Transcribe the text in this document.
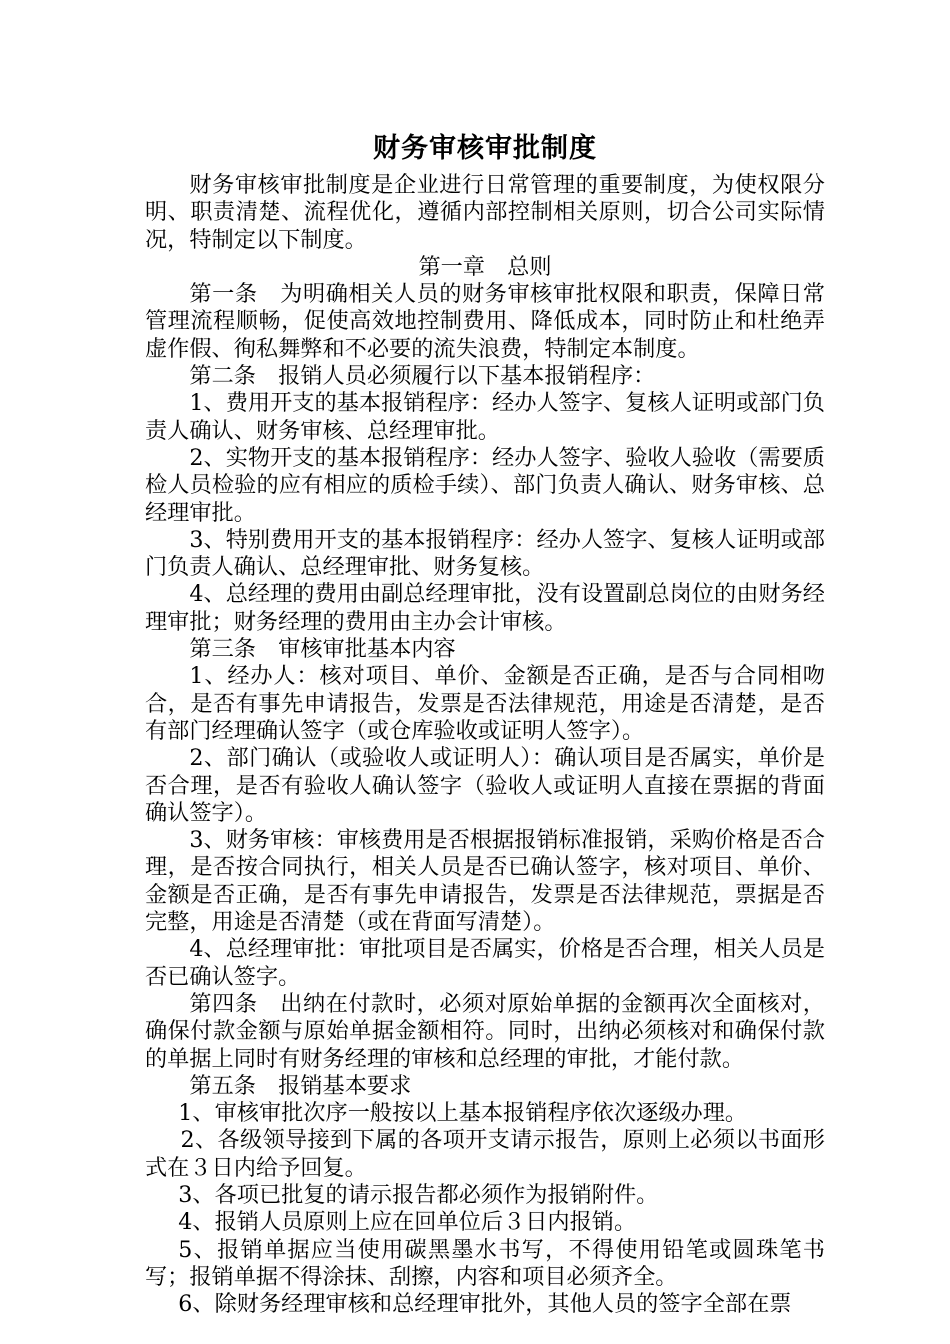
财务审核审批制度

财务审核审批制度是企业进行日常管理的重要制度，为使权限分明、职责清楚、流程优化，遵循内部控制相关原则，切合公司实际情况，特制定以下制度。

第一章　总则

第一条　为明确相关人员的财务审核审批权限和职责，保障日常管理流程顺畅，促使高效地控制费用、降低成本，同时防止和杜绝弄虚作假、徇私舞弊和不必要的流失浪费，特制定本制度。

第二条　报销人员必须履行以下基本报销程序：

1、费用开支的基本报销程序：经办人签字、复核人证明或部门负责人确认、财务审核、总经理审批。

2、实物开支的基本报销程序：经办人签字、验收人验收（需要质检人员检验的应有相应的质检手续）、部门负责人确认、财务审核、总经理审批。

3、特别费用开支的基本报销程序：经办人签字、复核人证明或部门负责人确认、总经理审批、财务复核。

4、总经理的费用由副总经理审批，没有设置副总岗位的由财务经理审批；财务经理的费用由主办会计审核。

第三条　审核审批基本内容

1、经办人：核对项目、单价、金额是否正确，是否与合同相吻合，是否有事先申请报告，发票是否法律规范，用途是否清楚，是否有部门经理确认签字（或仓库验收或证明人签字）。

2、部门确认（或验收人或证明人）：确认项目是否属实，单价是否合理，是否有验收人确认签字（验收人或证明人直接在票据的背面确认签字）。

3、财务审核：审核费用是否根据报销标准报销，采购价格是否合理，是否按合同执行，相关人员是否已确认签字，核对项目、单价、金额是否正确，是否有事先申请报告，发票是否法律规范，票据是否完整，用途是否清楚（或在背面写清楚）。

4、总经理审批：审批项目是否属实，价格是否合理，相关人员是否已确认签字。

第四条　出纳在付款时，必须对原始单据的金额再次全面核对，确保付款金额与原始单据金额相符。同时，出纳必须核对和确保付款的单据上同时有财务经理的审核和总经理的审批，才能付款。

第五条　报销基本要求

1、审核审批次序一般按以上基本报销程序依次逐级办理。

2、各级领导接到下属的各项开支请示报告，原则上必须以书面形式在３日内给予回复。

3、各项已批复的请示报告都必须作为报销附件。

4、报销人员原则上应在回单位后３日内报销。

5、报销单据应当使用碳黑墨水书写，不得使用铅笔或圆珠笔书写；报销单据不得涂抹、刮擦，内容和项目必须齐全。

6、除财务经理审核和总经理审批外，其他人员的签字全部在票
